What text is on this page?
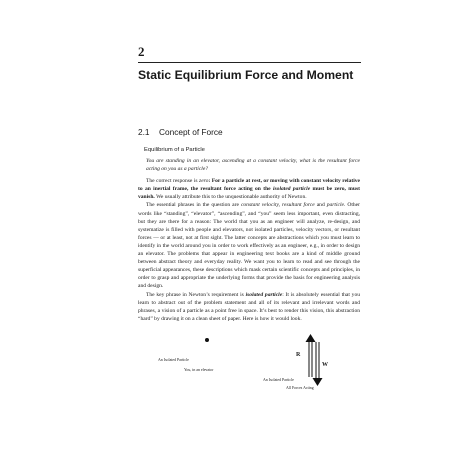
2
Static Equilibrium Force and Moment
2.1 Concept of Force
Equilibrium of a Particle

You are standing in an elevator, ascending at a constant velocity, what is the resultant force acting on you as a particle?

The correct response is zero: For a particle at rest, or moving with constant velocity relative to an inertial frame, the resultant force acting on the isolated particle must be zero, must vanish. We usually attribute this to the unquestionable authority of Newton.

The essential phrases in the question are constant velocity, resultant force and particle. Other words like “standing”, “elevator”, “ascending”, and “you” seem less important, even distracting, but they are there for a reason: The world that you as an engineer will analyze, re-design, and systematize is filled with people and elevators, not isolated particles, velocity vectors, or resultant forces — or at least, not at first sight. The latter concepts are abstractions which you must learn to identify in the world around you in order to work effectively as an engineer, e.g., in order to design an elevator. The problems that appear in engineering text books are a kind of middle ground between abstract theory and everyday reality. We want you to learn to read and see through the superficial appearances, these descriptions which mask certain scientific concepts and principles, in order to grasp and appropriate the underlying forms that provide the basis for engineering analysis and design.

The key phrase in Newton’s requirement is isolated particle: It is absolutely essential that you learn to abstract out of the problem statement and all of its relevant and irrelevant words and phrases, a vision of a particle as a point free in space. It’s best to render this vision, this abstraction “hard” by drawing it on a clean sheet of paper. Here is how it would look.

An Isolated Particle
You, in an elevator
R
W
An Isolated Particle
All Forces Acting
